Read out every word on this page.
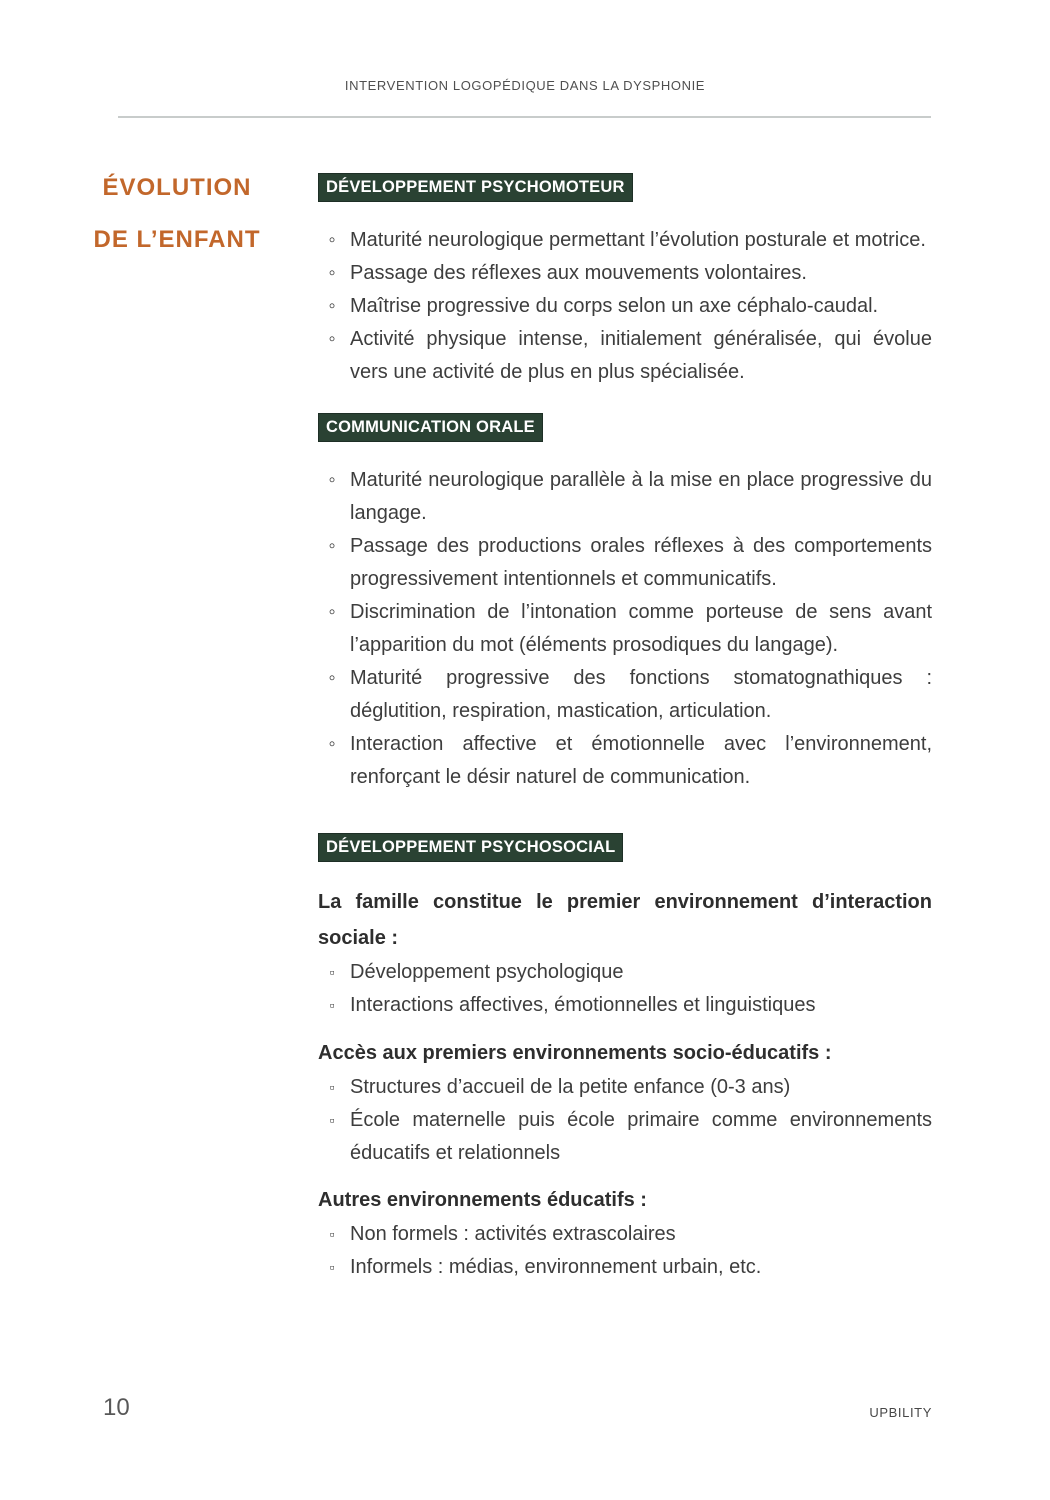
INTERVENTION LOGOPÉDIQUE DANS LA DYSPHONIE
ÉVOLUTION
DE L’ENFANT
DÉVELOPPEMENT PSYCHOMOTEUR
◦ Maturité neurologique permettant l’évolution posturale et motrice.
◦ Passage des réflexes aux mouvements volontaires.
◦ Maîtrise progressive du corps selon un axe céphalo-caudal.
◦ Activité physique intense, initialement généralisée, qui évolue vers une activité de plus en plus spécialisée.
COMMUNICATION ORALE
◦ Maturité neurologique parallèle à la mise en place progressive du langage.
◦ Passage des productions orales réflexes à des comportements progressivement intentionnels et communicatifs.
◦ Discrimination de l’intonation comme porteuse de sens avant l’apparition du mot (éléments prosodiques du langage).
◦ Maturité progressive des fonctions stomatognathiques : déglutition, respiration, mastication, articulation.
◦ Interaction affective et émotionnelle avec l’environnement, renforçant le désir naturel de communication.
DÉVELOPPEMENT PSYCHOSOCIAL

La famille constitue le premier environnement d’interaction sociale :

▫ Développement psychologique
▫ Interactions affectives, émotionnelles et linguistiques

Accès aux premiers environnements socio-éducatifs :

▫ Structures d’accueil de la petite enfance (0-3 ans)
▫ École maternelle puis école primaire comme environnements éducatifs et relationnels

Autres environnements éducatifs :

▫ Non formels : activités extrascolaires
▫ Informels : médias, environnement urbain, etc.
10	UPBILITY
